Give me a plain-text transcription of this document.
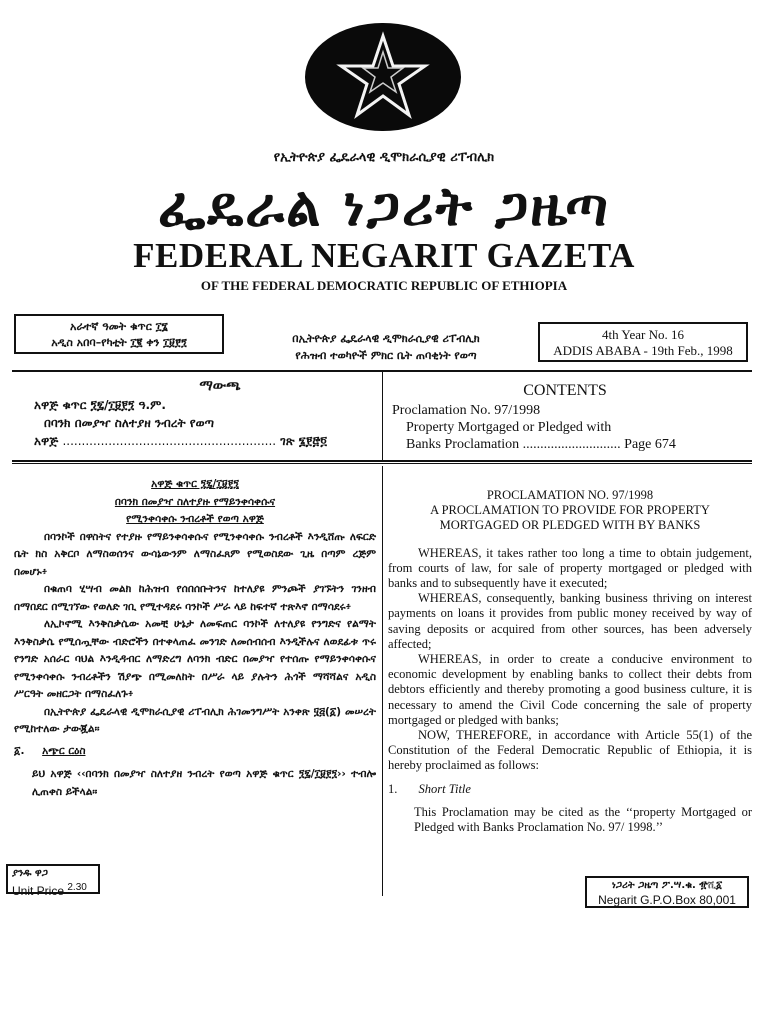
የኢትዮጵያ ፌዴራላዊ ዲሞክራሲያዊ ሪፐብሊክ
ፌዴራል ነጋሪት ጋዜጣ
FEDERAL NEGARIT GAZETA
OF THE FEDERAL DEMOCRATIC REPUBLIC OF ETHIOPIA
አራተኛ ዓመት ቁጥር ፲፮
አዲስ አበባ–የካቲት ፲፪ ቀን ፲፱፻፺	በኢትዮጵያ ፌዴራላዊ ዲሞክራሲያዊ ሪፐብሊክ
የሕዝብ ተወካዮች ምክር ቤት ጠባቂነት የወጣ
4th Year No. 16
ADDIS ABABA - 19th Feb., 1998
ማውጫ
አዋጅ ቁጥር ፺፯/፲፱፻፺ ዓ.ም.
በባንክ በመያዣ ስለተያዘ ንብረት የወጣ
አዋጅ ........................................................ ገጽ ፮፻፸፬
CONTENTS
Proclamation No. 97/1998
Property Mortgaged or Pledged with
Banks Proclamation ............................ Page 674

አዋጅ ቁጥር ፺፯/፲፱፻፺

በባንክ በመያዣ ስለተያዙ የማይንቀሳቀሱና

የሚንቀሳቀሱ ንብረቶች የወጣ አዋጅ

በባንኮች በዋስትና የተያዙ የማይንቀሳቀሱና የሚንቀሳቀሱ ንብረቶች እንዲሸጡ ለፍርድ ቤት ክስ አቅርቦ ለማስወሰንና ውሳኔውንም ለማስፈጸም የሚወስደው ጊዜ በጣም ረጅም በመሆኑ፥

በቁጠባ ሂሣብ መልክ ከሕዝብ የሰበሰቡትንና ከተለያዩ ምንጮች ያገኙትን ገንዘብ በማበደር በሚገኘው የወለድ ገቢ የሚተዳደሩ ባንኮች ሥራ ላይ ከፍተኛ ተጽእኖ በማሳደሩ፥

ለኢኮኖሚ እንቅስቃሴው አመቺ ሁኔታ ለመፍጠር ባንኮች ለተለያዩ የንግድና የልማት እንቅስቃሴ የሚሰጧቸው ብድሮችን በተቀላጠፈ መንገድ ለመሰብሰብ እንዲችሉና ለወደፊቱ ጥሩ የንግድ አሰራር ባህል እንዲዳብር ለማድረግ ለባንክ ብድር በመያዣ የተሰጡ የማይንቀሳቀሱና የሚንቀሳቀሱ ንብረቶችን ሽያጭ በሚመለከት በሥራ ላይ ያሉትን ሕጎች ማሻሻልና አዲስ ሥርዓት መዘርጋት በማስፈለጉ፥

በኢትዮጵያ ፌዴራላዊ ዲሞክራሲያዊ ሪፐብሊክ ሕገመንግሥት አንቀጽ ፶፭(፩) መሠረት የሚከተለው ታውጇል።

፩. አጭር ርዕስ

ይህ አዋጅ ‹‹በባንክ በመያዣ ስለተያዘ ንብረት የወጣ አዋጅ ቁጥር ፺፯/፲፱፻፺›› ተብሎ ሊጠቀስ ይችላል።

PROCLAMATION NO. 97/1998

A PROCLAMATION TO PROVIDE FOR PROPERTY

MORTGAGED OR PLEDGED WITH BY BANKS

WHEREAS, it takes rather too long a time to obtain judgement, from courts of law, for sale of property mortgaged or pledged with banks and to subsequently have it executed;

WHEREAS, consequently, banking business thriving on interest payments on loans it provides from public money received by way of saving deposits or acquired from other sources, has been adversely affected;

WHEREAS, in order to create a conducive environment to economic development by enabling banks to collect their debts from debtors efficiently and thereby promoting a good business culture, it is necessary to amend the Civil Code concerning the sale of property mortgaged or pledged with banks;

NOW, THEREFORE, in accordance with Article 55(1) of the Constitution of the Federal Democratic Republic of Ethiopia, it is hereby proclaimed as follows:

1. Short Title

This Proclamation may be cited as the ‘‘property Mortgaged or Pledged with Banks Proclamation No. 97/ 1998.’’

ያንዱ ዋጋ
Unit Price $^{2.30}$	ነጋሪት ጋዜጣ ፖ.ሣ.ቁ. ፹ሺ፩
Negarit G.P.O.Box 80,001
